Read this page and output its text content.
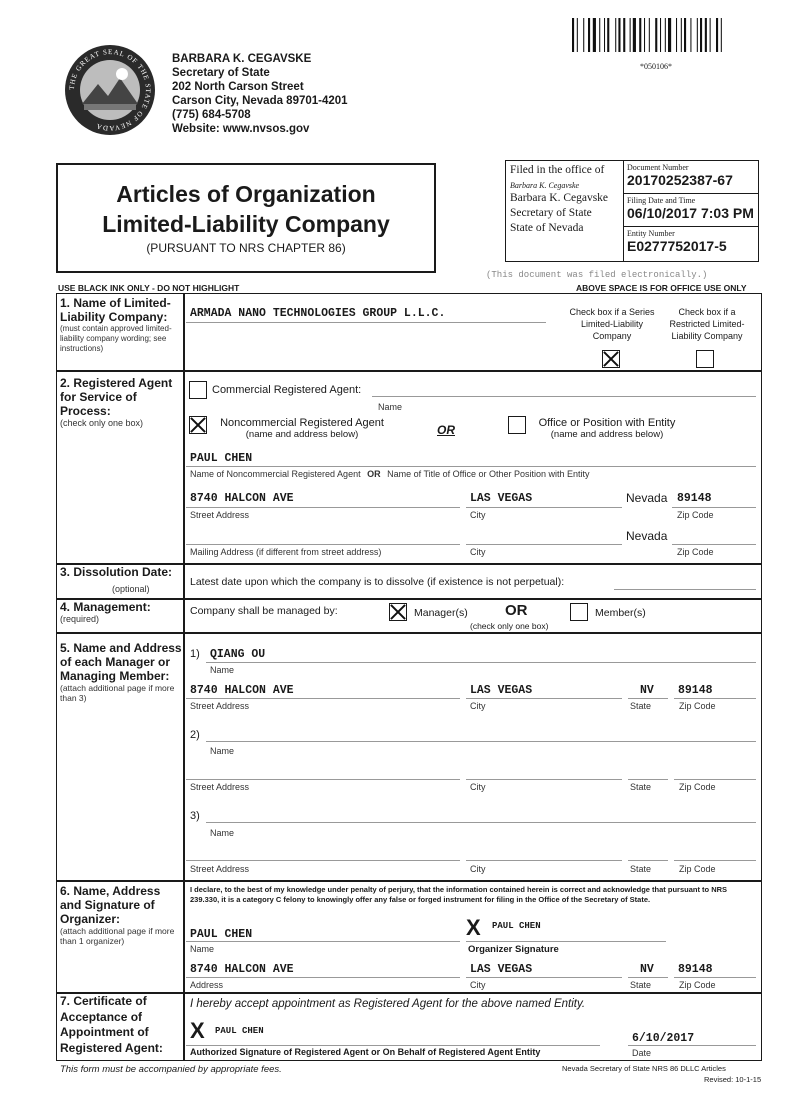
THE GREAT SEAL OF THE STATE OF NEVADA
BARBARA K. CEGAVSKE
Secretary of State
202 North Carson Street
Carson City, Nevada 89701-4201
(775) 684-5708
Website: www.nvsos.gov
*050106*
Articles of Organization
Limited-Liability Company
(PURSUANT TO NRS CHAPTER 86)
Filed in the office of
Barbara K. Cegavske
Barbara K. Cegavske
Secretary of State
State of Nevada
Document Number
20170252387-67
Filing Date and Time
06/10/2017 7:03 PM
Entity Number
E0277752017-5
USE BLACK INK ONLY - DO NOT HIGHLIGHT
(This document was filed electronically.)
ABOVE SPACE IS FOR OFFICE USE ONLY
1. Name of Limited-Liability Company:
(must contain approved limited-liability company wording; see instructions)
ARMADA NANO TECHNOLOGIES GROUP L.L.C.	Check box if a Series Limited-Liability Company
Check box if a Restricted Limited-Liability Company
2. Registered Agent for Service of Process:
(check only one box)
Commercial Registered Agent:
Name
Noncommercial Registered Agent
(name and address below)	OR	Office or Position with Entity
(name and address below)
PAUL CHEN
Name of Noncommercial Registered Agent OR Name of Title of Office or Other Position with Entity
8740 HALCON AVE	LAS VEGAS	Nevada 89148
Street Address	City	Zip Code
Nevada
Mailing Address (if different from street address)	City	Zip Code
3. Dissolution Date:
(optional)
Latest date upon which the company is to dissolve (if existence is not perpetual):
4. Management:
(required)
Company shall be managed by:	Manager(s) OR
(check only one box)
Member(s)
5. Name and Address of each Manager or Managing Member:
(attach additional page if more than 3)
1) QIANG OU
Name
8740 HALCON AVE	LAS VEGAS	NV 89148
Street Address	City	State	Zip Code
2)
Name
Street Address	City	State	Zip Code
3)
Name
Street Address	City	State	Zip Code
6. Name, Address and Signature of Organizer:
(attach additional page if more than 1 organizer)
I declare, to the best of my knowledge under penalty of perjury, that the information contained herein is correct and acknowledge that pursuant to NRS 239.330, it is a category C felony to knowingly offer any false or forged instrument for filing in the Office of the Secretary of State.
PAUL CHEN	X PAUL CHEN
Name	Organizer Signature
8740 HALCON AVE	LAS VEGAS	NV 89148
Address	City	State	Zip Code
7. Certificate of Acceptance of Appointment of Registered Agent:
I hereby accept appointment as Registered Agent for the above named Entity.
X PAUL CHEN
6/10/2017
Authorized Signature of Registered Agent or On Behalf of Registered Agent Entity	Date
This form must be accompanied by appropriate fees.	Nevada Secretary of State NRS 86 DLLC Articles
Revised: 10-1-15
